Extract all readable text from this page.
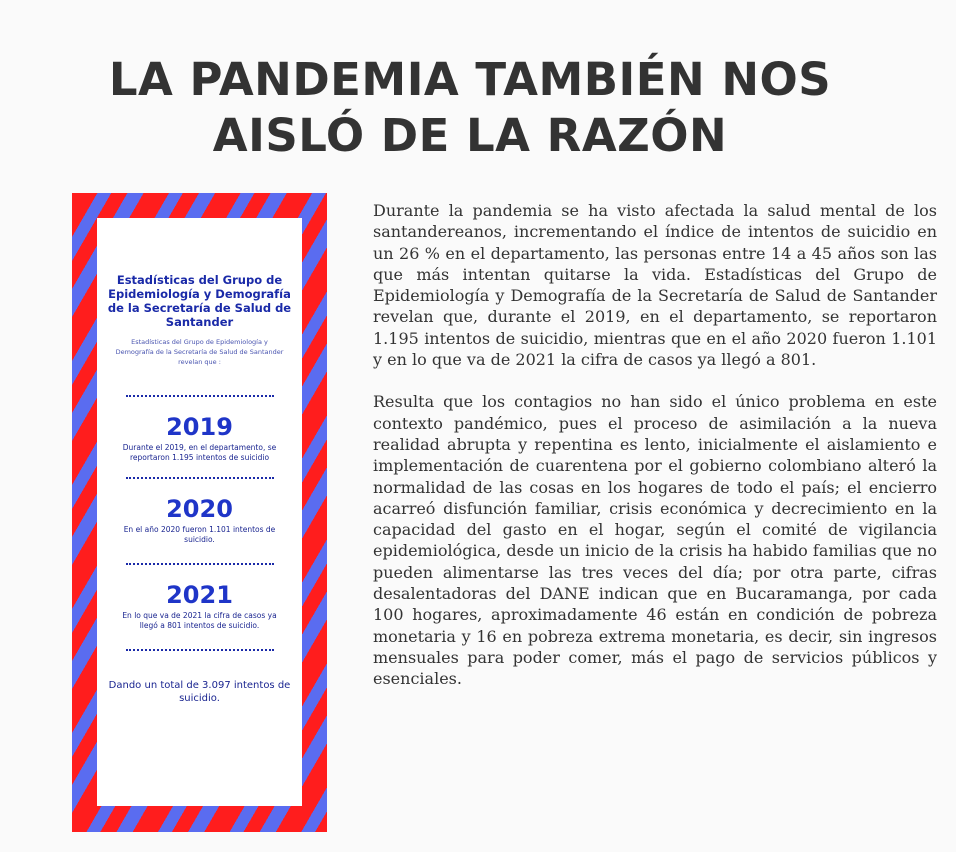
LA PANDEMIA TAMBIÉN NOS
AISLÓ DE LA RAZÓN
Estadísticas del Grupo de Epidemiología y Demografía de la Secretaría de Salud de Santander
Estadísticas del Grupo de Epidemiología y Demografía de la Secretaría de Salud de Santander revelan que :
2019
Durante el 2019, en el departamento, se reportaron 1.195 intentos de suicidio
2020
En el año 2020 fueron 1.101 intentos de suicidio.
2021
En lo que va de 2021 la cifra de casos ya llegó a 801 intentos de suicidio.
Dando un total de 3.097 intentos de suicidio.

Durante la pandemia se ha visto afectada la salud mental de los santandereanos, incrementando el índice de intentos de suicidio en un 26 % en el departamento, las personas entre 14 a 45 años son las que más intentan quitarse la vida. Estadísticas del Grupo de Epidemiología y Demografía de la Secretaría de Salud de Santander revelan que, durante el 2019, en el departamento, se reportaron 1.195 intentos de suicidio, mientras que en el año 2020 fueron 1.101 y en lo que va de 2021 la cifra de casos ya llegó a 801.

Resulta que los contagios no han sido el único problema en este contexto pandémico, pues el proceso de asimilación a la nueva realidad abrupta y repentina es lento, inicialmente el aislamiento e implementación de cuarentena por el gobierno colombiano alteró la normalidad de las cosas en los hogares de todo el país; el encierro acarreó disfunción familiar, crisis económica y decrecimiento en la capacidad del gasto en el hogar, según el comité de vigilancia epidemiológica, desde un inicio de la crisis ha habido familias que no pueden alimentarse las tres veces del día; por otra parte, cifras desalentadoras del DANE indican que en Bucaramanga, por cada 100 hogares, aproximadamente 46 están en condición de pobreza monetaria y 16 en pobreza extrema monetaria, es decir, sin ingresos mensuales para poder comer, más el pago de servicios públicos y esenciales.
